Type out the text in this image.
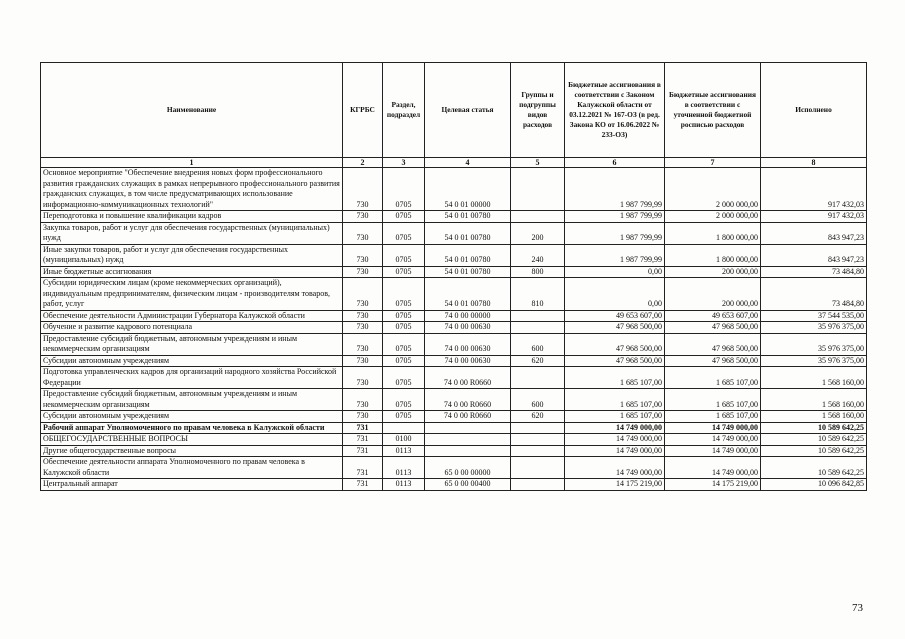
Наименование	КГРБС	Раздел, подраздел	Целевая статья	Группы и подгруппы видов расходов	Бюджетные ассигнования в соответствии с Законом Калужской области от 03.12.2021 № 167-ОЗ (в ред. Закона КО от 16.06.2022 № 233-ОЗ)	Бюджетные ассигнования в соответствии с уточненной бюджетной росписью расходов	Исполнено
1	2	3	4	5	6	7	8
Основное мероприятие "Обеспечение внедрения новых форм профессионального развития гражданских служащих в рамках непрерывного профессионального развития гражданских служащих, в том числе предусматривающих использование информационно-коммуникационных технологий"	730	0705	54 0 01 00000		1 987 799,99	2 000 000,00	917 432,03
Переподготовка и повышение квалификации кадров	730	0705	54 0 01 00780		1 987 799,99	2 000 000,00	917 432,03
Закупка товаров, работ и услуг для обеспечения государственных (муниципальных) нужд	730	0705	54 0 01 00780	200	1 987 799,99	1 800 000,00	843 947,23
Иные закупки товаров, работ и услуг для обеспечения государственных (муниципальных) нужд	730	0705	54 0 01 00780	240	1 987 799,99	1 800 000,00	843 947,23
Иные бюджетные ассигнования	730	0705	54 0 01 00780	800	0,00	200 000,00	73 484,80
Субсидии юридическим лицам (кроме некоммерческих организаций), индивидуальным предпринимателям, физическим лицам - производителям товаров, работ, услуг	730	0705	54 0 01 00780	810	0,00	200 000,00	73 484,80
Обеспечение деятельности Администрации Губернатора Калужской области	730	0705	74 0 00 00000		49 653 607,00	49 653 607,00	37 544 535,00
Обучение и развитие кадрового потенциала	730	0705	74 0 00 00630		47 968 500,00	47 968 500,00	35 976 375,00
Предоставление субсидий бюджетным, автономным учреждениям и иным некоммерческим организациям	730	0705	74 0 00 00630	600	47 968 500,00	47 968 500,00	35 976 375,00
Субсидии автономным учреждениям	730	0705	74 0 00 00630	620	47 968 500,00	47 968 500,00	35 976 375,00
Подготовка управленческих кадров для организаций народного хозяйства Российской Федерации	730	0705	74 0 00 R0660		1 685 107,00	1 685 107,00	1 568 160,00
Предоставление субсидий бюджетным, автономным учреждениям и иным некоммерческим организациям	730	0705	74 0 00 R0660	600	1 685 107,00	1 685 107,00	1 568 160,00
Субсидии автономным учреждениям	730	0705	74 0 00 R0660	620	1 685 107,00	1 685 107,00	1 568 160,00
Рабочий аппарат Уполномоченного по правам человека в Калужской области	731				14 749 000,00	14 749 000,00	10 589 642,25
ОБЩЕГОСУДАРСТВЕННЫЕ ВОПРОСЫ	731	0100			14 749 000,00	14 749 000,00	10 589 642,25
Другие общегосударственные вопросы	731	0113			14 749 000,00	14 749 000,00	10 589 642,25
Обеспечение деятельности аппарата Уполномоченного по правам человека в Калужской области	731	0113	65 0 00 00000		14 749 000,00	14 749 000,00	10 589 642,25
Центральный аппарат	731	0113	65 0 00 00400		14 175 219,00	14 175 219,00	10 096 842,85
73
